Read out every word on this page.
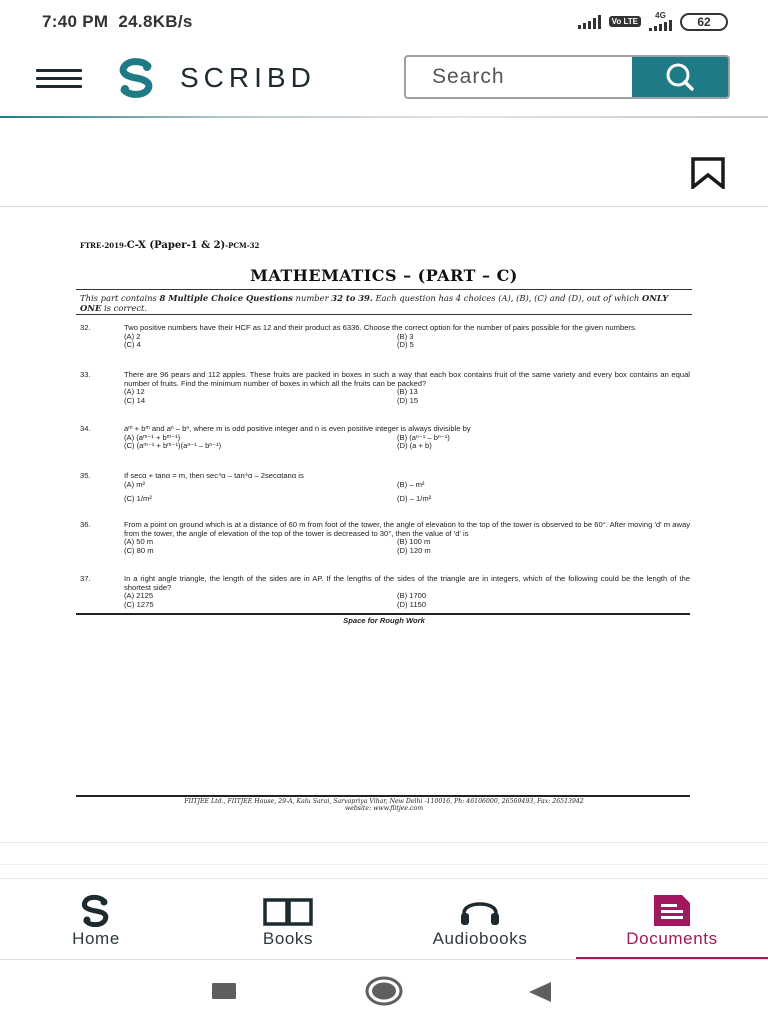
7:40 PM 24.8KB/s	Vo LTE
4G	62
SCRIBD
Search
FTRE-2019-C-X (Paper-1 & 2)-PCM-32
MATHEMATICS – (PART – C)
This part contains 8 Multiple Choice Questions number 32 to 39. Each question has 4 choices (A), (B), (C) and (D), out of which ONLY ONE is correct.
32.	Two positive numbers have their HCF as 12 and their product as 6336. Choose the correct option for the number of pairs possible for the given numbers.
(A) 2	(B) 3
(C) 4	(D) 5
33.	There are 96 pears and 112 apples. These fruits are packed in boxes in such a way that each box contains fruit of the same variety and every box contains an equal number of fruits. Find the minimum number of boxes in which all the fruits can be packed?
(A) 12	(B) 13
(C) 14	(D) 15
34.	aᵐ + bᵐ and aⁿ – bⁿ, where m is odd positive integer and n is even positive integer is always divisible by
(A) (aᵐ⁻¹ + bᵐ⁻¹)	(B) (aⁿ⁻¹ – bⁿ⁻¹)
(C) (aᵐ⁻¹ + bᵐ⁻¹)(aⁿ⁻¹ – bⁿ⁻¹)	(D) (a + b)
35.	If secα + tanα = m, then sec⁴α – tan⁴α – 2secαtanα is
(A) m²	(B) – m²
(C) 1/m²	(D) – 1/m²
36.	From a point on ground which is at a distance of 60 m from foot of the tower, the angle of elevation to the top of the tower is observed to be 60°. After moving 'd' m away from the tower, the angle of elevation of the top of the tower is decreased to 30°, then the value of 'd' is
(A) 50 m	(B) 100 m
(C) 80 m	(D) 120 m
37.	In a right angle triangle, the length of the sides are in AP. If the lengths of the sides of the triangle are in integers, which of the following could be the length of the shortest side?
(A) 2125	(B) 1700
(C) 1275	(D) 1150
Space for Rough Work
FIITJEE Ltd., FIITJEE House, 29-A, Kalu Sarai, Sarvapriya Vihar, New Delhi -110016, Ph: 46106000, 26569493, Fax: 26513942
website: www.fiitjee.com
Home	Books	Audiobooks	Documents
